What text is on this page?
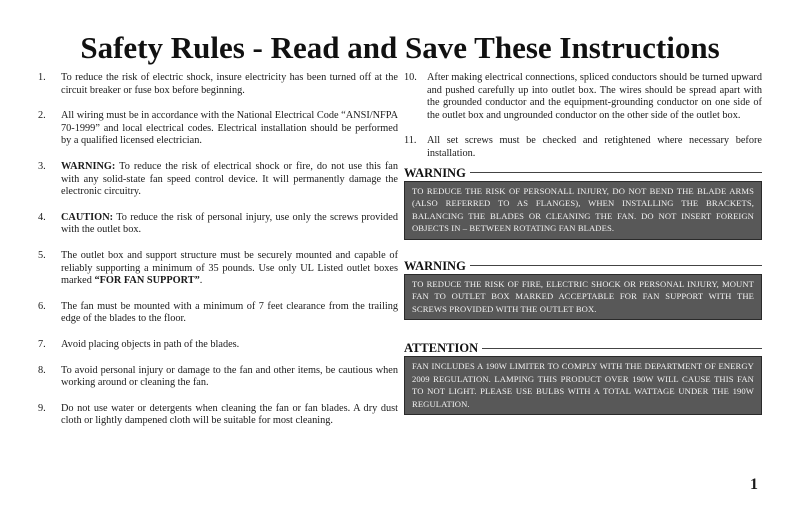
Safety Rules - Read and Save These Instructions
1.	To reduce the risk of electric shock, insure electricity has been turned off at the circuit breaker or fuse box before beginning.
2.	All wiring must be in accordance with the National Electrical Code “ANSI/NFPA 70-1999” and local electrical codes. Electrical installation should be performed by a qualified licensed electrician.
3.	WARNING: To reduce the risk of electrical shock or fire, do not use this fan with any solid-state fan speed control device. It will permanently damage the electronic circuitry.
4.	CAUTION: To reduce the risk of personal injury, use only the screws provided with the outlet box.
5.	The outlet box and support structure must be securely mounted and capable of reliably supporting a minimum of 35 pounds. Use only UL Listed outlet boxes marked “FOR FAN SUPPORT”.
6.	The fan must be mounted with a minimum of 7 feet clearance from the trailing edge of the blades to the floor.
7.	Avoid placing objects in path of the blades.
8.	To avoid personal injury or damage to the fan and other items, be cautious when working around or cleaning the fan.
9.	Do not use water or detergents when cleaning the fan or fan blades. A dry dust cloth or lightly dampened cloth will be suitable for most cleaning.
10. After making electrical connections, spliced conductors should be turned upward and pushed carefully up into outlet box. The wires should be spread apart with the grounded conductor and the equipment-grounding conductor on one side of the outlet box and ungrounded conductor on the other side of the outlet box.
11.	All set screws must be checked and retightened where necessary before installation.
WARNING
TO REDUCE THE RISK OF PERSONALL INJURY, DO NOT BEND THE BLADE ARMS (ALSO REFERRED TO AS FLANGES), WHEN INSTALLING THE BRACKETS, BALANCING THE BLADES OR CLEANING THE FAN. DO NOT INSERT FOREIGN OBJECTS IN – BETWEEN ROTATING FAN BLADES.
WARNING
TO REDUCE THE RISK OF FIRE, ELECTRIC SHOCK OR PERSONAL INJURY, MOUNT FAN TO OUTLET BOX MARKED ACCEPTABLE FOR FAN SUPPORT WITH THE SCREWS PROVIDED WITH THE OUTLET BOX.
ATTENTION
FAN INCLUDES A 190W LIMITER TO COMPLY WITH THE DEPARTMENT OF ENERGY 2009 REGULATION. LAMPING THIS PRODUCT OVER 190W WILL CAUSE THIS FAN TO NOT LIGHT. PLEASE USE BULBS WITH A TOTAL WATTAGE UNDER THE 190W REGULATION.
1
